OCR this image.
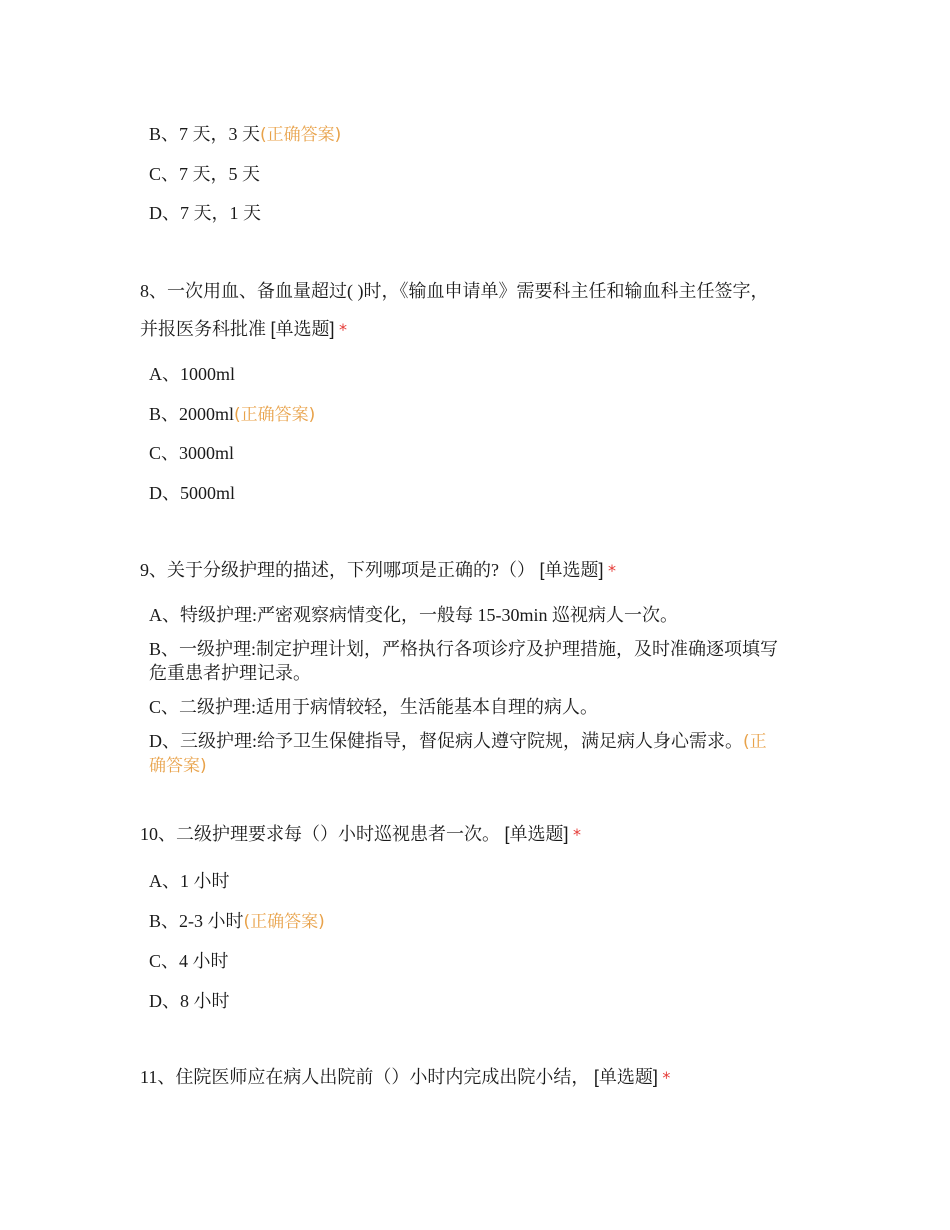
B、7 天，3 天(正确答案)
C、7 天，5 天
D、7 天，1 天
8、一次用血、备血量超过( )时，《输血申请单》需要科主任和输血科主任签字，
并报医务科批准 [单选题] *
A、1000ml
B、2000ml(正确答案)
C、3000ml
D、5000ml
9、关于分级护理的描述，下列哪项是正确的?（） [单选题] *
A、特级护理:严密观察病情变化，一般每 15-30min 巡视病人一次。
B、一级护理:制定护理计划，严格执行各项诊疗及护理措施，及时准确逐项填写
危重患者护理记录。
C、二级护理:适用于病情较轻，生活能基本自理的病人。
D、三级护理:给予卫生保健指导，督促病人遵守院规，满足病人身心需求。(正
确答案)
10、二级护理要求每（）小时巡视患者一次。 [单选题] *
A、1 小时
B、2-3 小时(正确答案)
C、4 小时
D、8 小时
11、住院医师应在病人出院前（）小时内完成出院小结， [单选题] *
